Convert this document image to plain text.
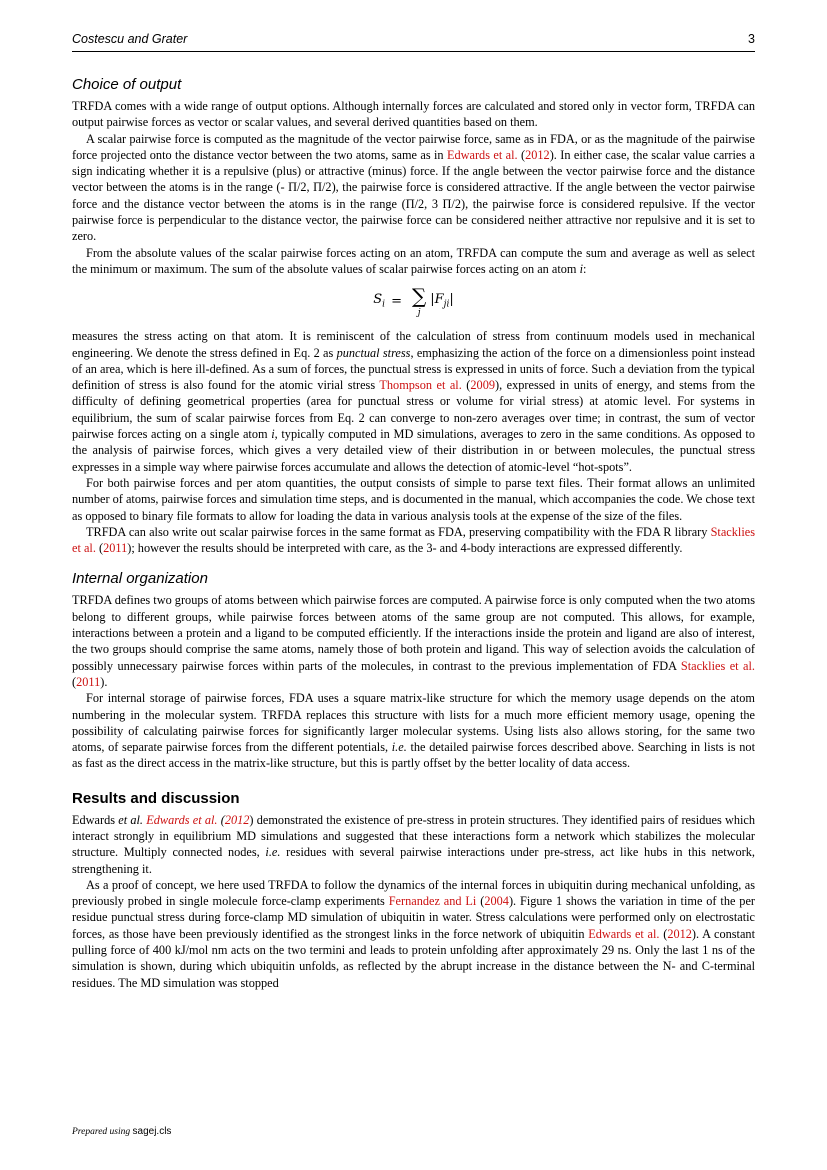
Costescu and Grater	3
Choice of output

TRFDA comes with a wide range of output options. Although internally forces are calculated and stored only in vector form, TRFDA can output pairwise forces as vector or scalar values, and several derived quantities based on them.

A scalar pairwise force is computed as the magnitude of the vector pairwise force, same as in FDA, or as the magnitude of the pairwise force projected onto the distance vector between the two atoms, same as in Edwards et al. (2012). In either case, the scalar value carries a sign indicating whether it is a repulsive (plus) or attractive (minus) force. If the angle between the vector pairwise force and the distance vector between the atoms is in the range (- Π/2, Π/2), the pairwise force is considered attractive. If the angle between the vector pairwise force and the distance vector between the atoms is in the range (Π/2, 3 Π/2), the pairwise force is considered repulsive. If the vector pairwise force is perpendicular to the distance vector, the pairwise force can be considered neither attractive nor repulsive and it is set to zero.

From the absolute values of the scalar pairwise forces acting on an atom, TRFDA can compute the sum and average as well as select the minimum or maximum. The sum of the absolute values of scalar pairwise forces acting on an atom i:

$S_i$ = ∑
j
$|F_{ji}|$

measures the stress acting on that atom. It is reminiscent of the calculation of stress from continuum models used in mechanical engineering. We denote the stress defined in Eq. 2 as punctual stress, emphasizing the action of the force on a dimensionless point instead of an area, which is here ill-defined. As a sum of forces, the punctual stress is expressed in units of force. Such a deviation from the typical definition of stress is also found for the atomic virial stress Thompson et al. (2009), expressed in units of energy, and stems from the difficulty of defining geometrical properties (area for punctual stress or volume for virial stress) at atomic level. For systems in equilibrium, the sum of scalar pairwise forces from Eq. 2 can converge to non-zero averages over time; in contrast, the sum of vector pairwise forces acting on a single atom i, typically computed in MD simulations, averages to zero in the same conditions. As opposed to the analysis of pairwise forces, which gives a very detailed view of their distribution in or between molecules, the punctual stress expresses in a simple way where pairwise forces accumulate and allows the detection of atomic-level “hot-spots”.

For both pairwise forces and per atom quantities, the output consists of simple to parse text files. Their format allows an unlimited number of atoms, pairwise forces and simulation time steps, and is documented in the manual, which accompanies the code. We chose text as opposed to binary file formats to allow for loading the data in various analysis tools at the expense of the size of the files.

TRFDA can also write out scalar pairwise forces in the same format as FDA, preserving compatibility with the FDA R library Stacklies et al. (2011); however the results should be interpreted with care, as the 3- and 4-body interactions are expressed differently.

Internal organization

TRFDA defines two groups of atoms between which pairwise forces are computed. A pairwise force is only computed when the two atoms belong to different groups, while pairwise forces between atoms of the same group are not computed. This allows, for example, interactions between a protein and a ligand to be computed efficiently. If the interactions inside the protein and ligand are also of interest, the two groups should comprise the same atoms, namely those of both protein and ligand. This way of selection avoids the calculation of possibly unnecessary pairwise forces within parts of the molecules, in contrast to the previous implementation of FDA Stacklies et al. (2011).

For internal storage of pairwise forces, FDA uses a square matrix-like structure for which the memory usage depends on the atom numbering in the molecular system. TRFDA replaces this structure with lists for a much more efficient memory usage, opening the possibility of calculating pairwise forces for significantly larger molecular systems. Using lists also allows storing, for the same two atoms, of separate pairwise forces from the different potentials, i.e. the detailed pairwise forces described above. Searching in lists is not as fast as the direct access in the matrix-like structure, but this is partly offset by the better locality of data access.

Results and discussion

Edwards et al. Edwards et al. (2012) demonstrated the existence of pre-stress in protein structures. They identified pairs of residues which interact strongly in equilibrium MD simulations and suggested that these interactions form a network which stabilizes the molecular structure. Multiply connected nodes, i.e. residues with several pairwise interactions under pre-stress, act like hubs in this network, strengthening it.

As a proof of concept, we here used TRFDA to follow the dynamics of the internal forces in ubiquitin during mechanical unfolding, as previously probed in single molecule force-clamp experiments Fernandez and Li (2004). Figure 1 shows the variation in time of the per residue punctual stress during force-clamp MD simulation of ubiquitin in water. Stress calculations were performed only on electrostatic forces, as those have been previously identified as the strongest links in the force network of ubiquitin Edwards et al. (2012). A constant pulling force of 400 kJ/mol nm acts on the two termini and leads to protein unfolding after approximately 29 ns. Only the last 1 ns of the simulation is shown, during which ubiquitin unfolds, as reflected by the abrupt increase in the distance between the N- and C-terminal residues. The MD simulation was stopped

Prepared using sagej.cls
